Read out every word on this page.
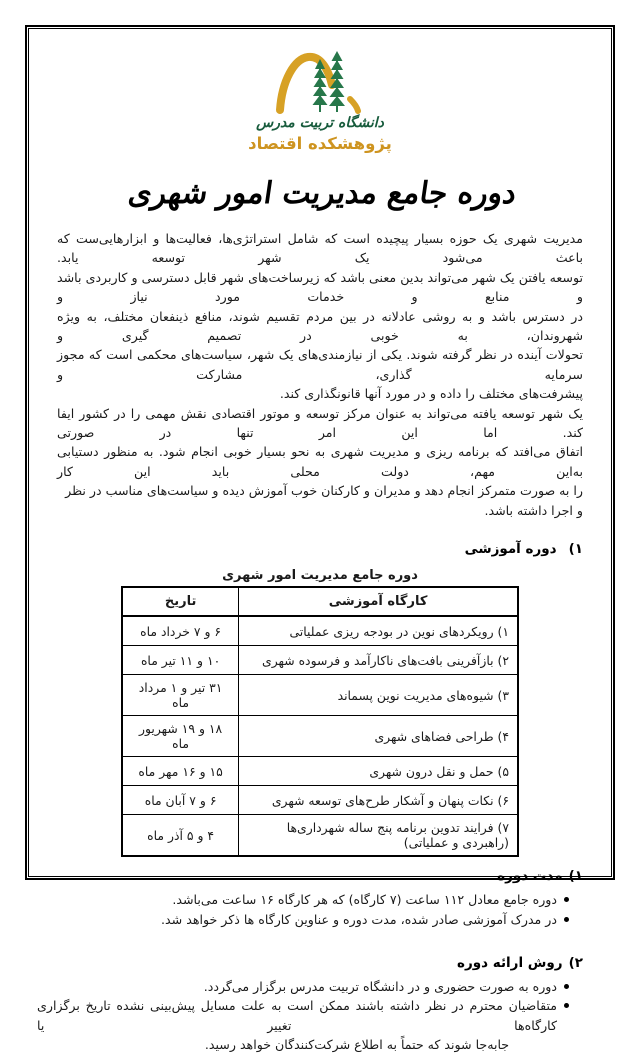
دانشگاه تربیت مدرس
پژوهشکده اقتصاد
دوره جامع مدیریت امور شهری
مدیریت شهری یک حوزه بسیار پیچیده است که شامل استراتژی‌ها، فعالیت‌ها و ابزارهایی‌ست که باعث می‌شود یک شهر توسعه یابد.
توسعه یافتن یک شهر می‌تواند بدین معنی باشد که زیرساخت‌های شهر قابل دسترسی و کاربردی باشد و منابع و خدمات مورد نیاز و
در دسترس باشد و به روشی عادلانه در بین مردم تقسیم شوند، منافع ذینفعان مختلف، به ویژه شهروندان، به خوبی در تصمیم گیری و
تحولات آینده در نظر گرفته شوند. یکی از نیازمندی‌های یک شهر، سیاست‌های محکمی است که مجوز سرمایه گذاری، مشارکت و
پیشرفت‌های مختلف را داده و در مورد آنها قانونگذاری کند.
یک شهر توسعه یافته می‌تواند به عنوان مرکز توسعه و موتور اقتصادی نقش مهمی را در کشور ایفا کند. اما این امر تنها در صورتی
اتفاق می‌افتد که برنامه ریزی و مدیریت شهری به نحو بسیار خوبی انجام شود. به منظور دستیابی به‌این مهم، دولت محلی باید این کار
را به صورت متمرکز انجام دهد و مدیران و کارکنان خوب آموزش دیده و سیاست‌های مناسب در نظر و اجرا داشته باشد.
۱)دوره آموزشی
دوره جامع مدیریت امور شهری
کارگاه آموزشی	تاریخ
۱) رویکردهای نوین در بودجه ریزی عملیاتی	۶ و ۷ خرداد ماه
۲) بازآفرینی بافت‌های ناکارآمد و فرسوده شهری	۱۰ و ۱۱ تیر ماه
۳) شیوه‌های مدیریت نوین پسماند	۳۱ تیر و ۱ مرداد ماه
۴) طراحی فضاهای شهری	۱۸ و ۱۹ شهریور ماه
۵) حمل و نقل درون شهری	۱۵ و ۱۶ مهر ماه
۶) نکات پنهان و آشکار طرح‌های توسعه شهری	۶ و ۷ آبان ماه
۷) فرایند تدوین برنامه پنج ساله شهرداری‌ها (راهبردی و عملیاتی)	۴ و ۵ آذر ماه
۱)مدت دوره
دوره جامع معادل ۱۱۲ ساعت (۷ کارگاه) که هر کارگاه ۱۶ ساعت می‌باشد.
در مدرک آموزشی صادر شده، مدت دوره و عناوین کارگاه ها ذکر خواهد شد.
۲)روش ارائه دوره
دوره به صورت حضوری و در دانشگاه تربیت مدرس برگزار می‌گردد.
متقاضیان محترم در نظر داشته باشند ممکن است به علت مسایل پیش‌بینی نشده تاریخ برگزاری کارگاه‌ها تغییر یا
جابه‌جا شوند که حتماً به اطلاع شرکت‌کنندگان خواهد رسید.
